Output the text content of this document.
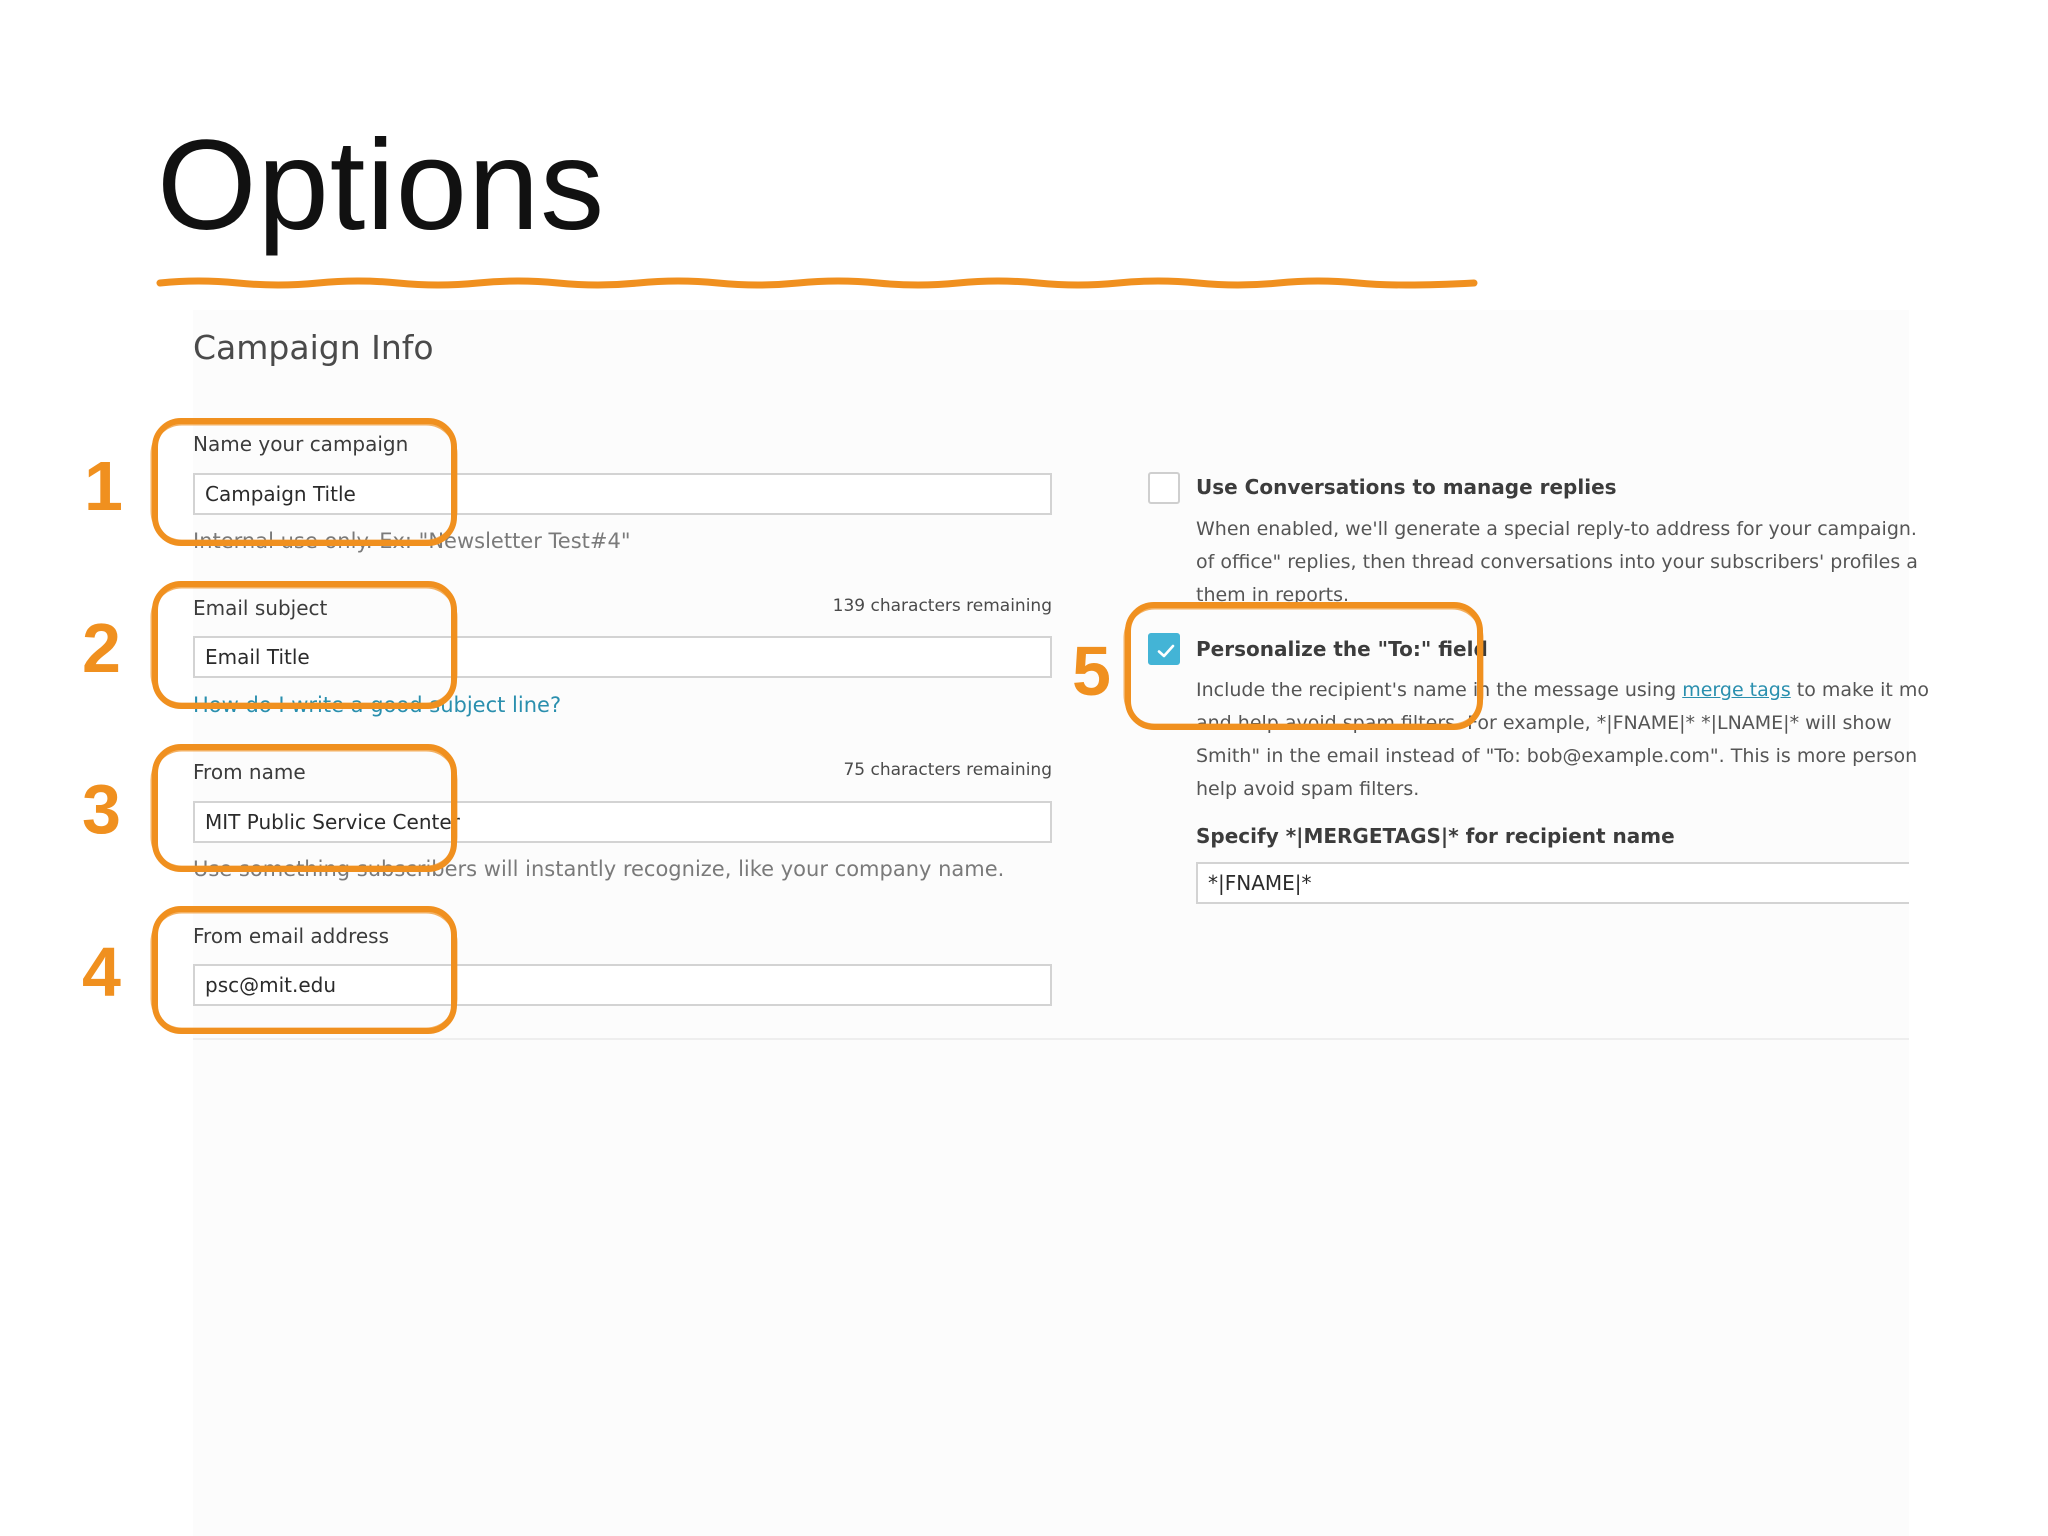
Options
Campaign Info
Name your campaign
Campaign Title
Internal use only. Ex: "Newsletter Test#4"
Email subject	139 characters remaining
Email Title
How do I write a good subject line?
From name	75 characters remaining
MIT Public Service Center
Use something subscribers will instantly recognize, like your company name.
From email address
psc@mit.edu
Use Conversations to manage replies
When enabled, we'll generate a special reply-to address for your campaign.
of office" replies, then thread conversations into your subscribers' profiles a
them in reports.
Personalize the "To:" field
Include the recipient's name in the message using merge tags to make it mo
and help avoid spam filters. For example, *|FNAME|* *|LNAME|* will show
Smith" in the email instead of "To: bob@example.com". This is more person
help avoid spam filters.
Specify *|MERGETAGS|* for recipient name
*|FNAME|*
1
2
3
4
5
